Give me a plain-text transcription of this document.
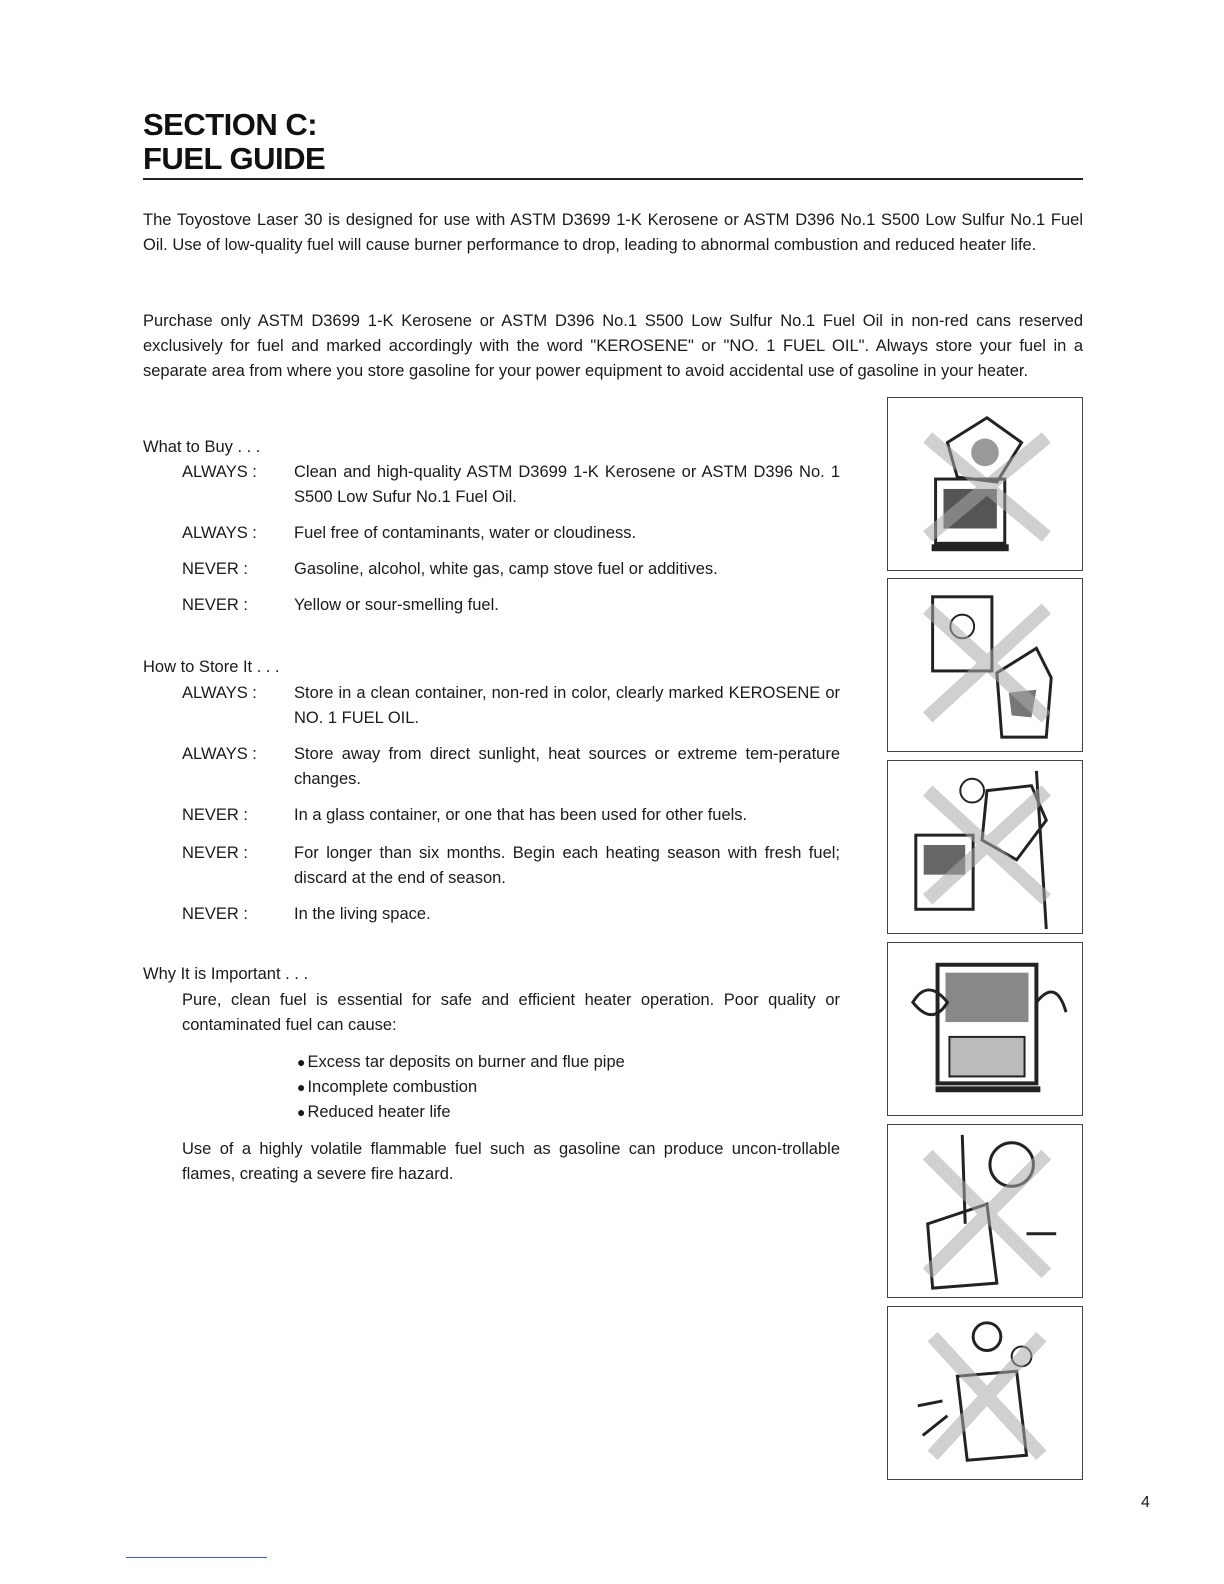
SECTION C:
FUEL GUIDE
The Toyostove Laser 30 is designed for use with ASTM D3699 1-K Kerosene or ASTM D396 No.1 S500 Low Sulfur No.1 Fuel Oil. Use of low-quality fuel will cause burner performance to drop, leading to abnormal combustion and reduced heater life.
Purchase only ASTM D3699 1-K Kerosene or ASTM D396 No.1 S500 Low Sulfur No.1 Fuel Oil in non-red cans reserved exclusively for fuel and marked accordingly with the word "KEROSENE" or "NO. 1 FUEL OIL". Always store your fuel in a separate area from where you store gasoline for your power equipment to avoid accidental use of gasoline in your heater.
What to Buy . . .
ALWAYS :	Clean and high-quality ASTM D3699 1-K Kerosene or ASTM D396 No. 1 S500 Low Sufur No.1 Fuel Oil.
ALWAYS :	Fuel free of contaminants, water or cloudiness.
NEVER :	Gasoline, alcohol, white gas, camp stove fuel or additives.
NEVER :	Yellow or sour-smelling fuel.
How to Store It . . .
ALWAYS :	Store in a clean container, non-red in color, clearly marked KEROSENE or NO. 1 FUEL OIL.
ALWAYS :	Store away from direct sunlight, heat sources or extreme tem-perature changes.
NEVER :	In a glass container, or one that has been used for other fuels.
NEVER :	For longer than six months. Begin each heating season with fresh fuel; discard at the end of season.
NEVER :	In the living space.
Why It is Important . . .
Pure, clean fuel is essential for safe and efficient heater operation. Poor quality or contaminated fuel can cause:
● Excess tar deposits on burner and flue pipe
● Incomplete combustion
● Reduced heater life
Use of a highly volatile flammable fuel such as gasoline can produce uncon-trollable flames, creating a severe fire hazard.
4
